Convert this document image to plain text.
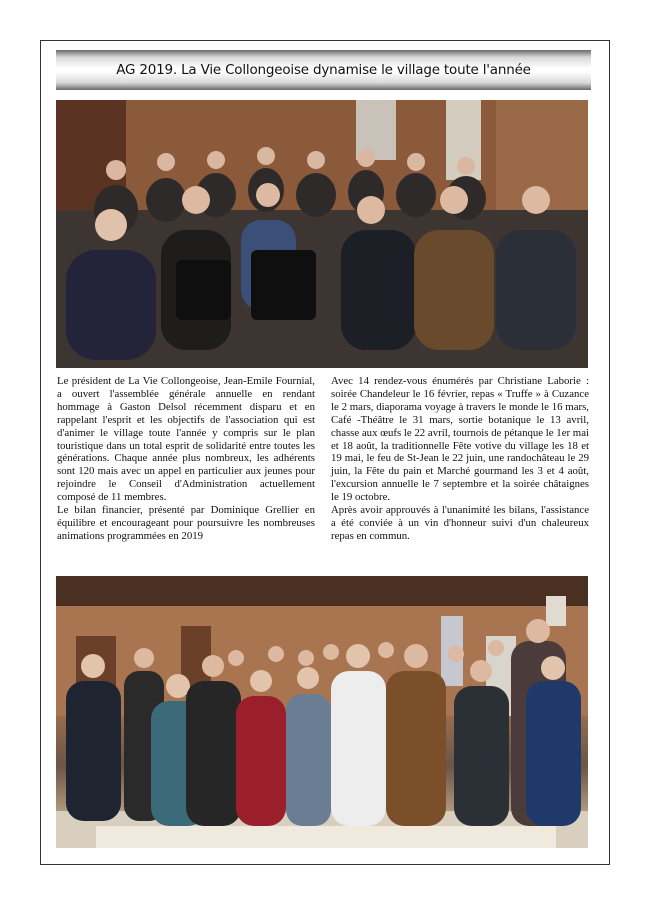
AG 2019. La Vie Collongeoise dynamise le village toute l'année

Le président de La Vie Collongeoise, Jean-Emile Fournial, a ouvert l'assemblée générale annuelle en rendant hommage à Gaston Delsol récemment disparu et en rappelant l'esprit et les objectifs de l'association qui est d'animer le village toute l'année y compris sur le plan touristique dans un total esprit de solidarité entre toutes les générations. Chaque année plus nombreux, les adhérents sont 120 mais avec un appel en particulier aux jeunes pour rejoindre le Conseil d'Administration actuellement composé de 11 membres.

Le bilan financier, présenté par Dominique Grellier en équilibre et encourageant pour poursuivre les nombreuses animations programmées en 2019

Avec 14 rendez-vous énumérés par Christiane Laborie : soirée Chandeleur le 16 février, repas « Truffe » à Cuzance le 2 mars, diaporama voyage à travers le monde le 16 mars, Café -Théâtre le 31 mars, sortie botanique le 13 avril, chasse aux œufs le 22 avril, tournois de pétanque le 1er mai et 18 août, la traditionnelle Fête votive du village les 18 et 19 mai, le feu de St-Jean le 22 juin, une randochâteau le 29 juin, la Fête du pain et Marché gourmand les 3 et 4 août, l'excursion annuelle le 7 septembre et la soirée châtaignes le 19 octobre.

Après avoir approuvés à l'unanimité les bilans, l'assistance a été conviée à un vin d'honneur suivi d'un chaleureux repas en commun.
